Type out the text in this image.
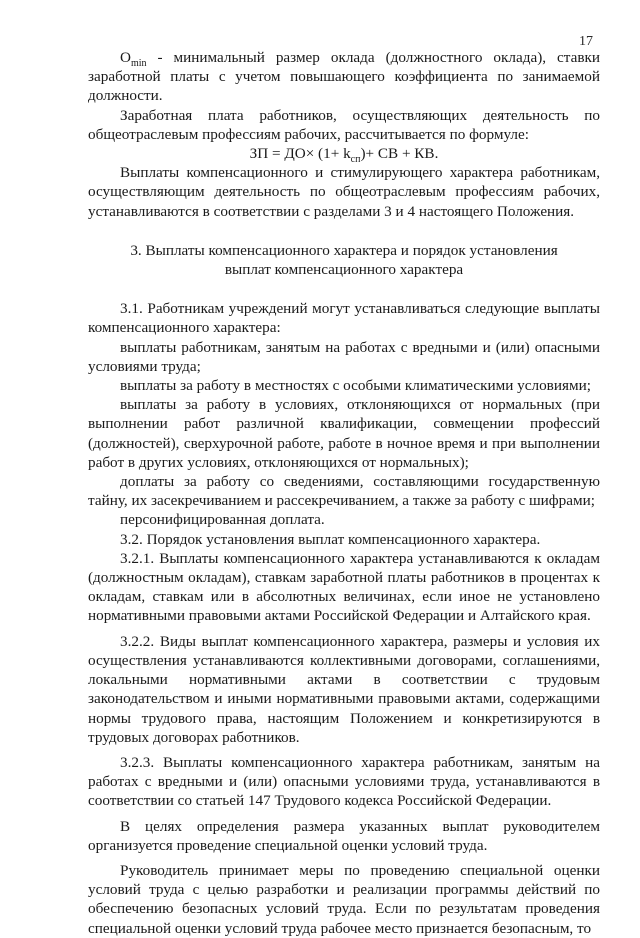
17

$O_{min}$ - минимальный размер оклада (должностного оклада), ставки заработной платы с учетом повышающего коэффициента по занимаемой должности.

Заработная плата работников, осуществляющих деятельность по общеотраслевым профессиям рабочих, рассчитывается по формуле:

ЗП = $ДО\times (1+ k_{сп})+$ СВ + КВ.

Выплаты компенсационного и стимулирующего характера работникам, осуществляющим деятельность по общеотраслевым профессиям рабочих, устанавливаются в соответствии с разделами 3 и 4 настоящего Положения.

3. Выплаты компенсационного характера и порядок установления

выплат компенсационного характера

3.1. Работникам учреждений могут устанавливаться следующие выплаты компенсационного характера:

выплаты работникам, занятым на работах с вредными и (или) опасными условиями труда;

выплаты за работу в местностях с особыми климатическими условиями;

выплаты за работу в условиях, отклоняющихся от нормальных (при выполнении работ различной квалификации, совмещении профессий (должностей), сверхурочной работе, работе в ночное время и при выполнении работ в других условиях, отклоняющихся от нормальных);

доплаты за работу со сведениями, составляющими государственную тайну, их засекречиванием и рассекречиванием, а также за работу с шифрами;

персонифицированная доплата.

3.2. Порядок установления выплат компенсационного характера.

3.2.1. Выплаты компенсационного характера устанавливаются к окладам (должностным окладам), ставкам заработной платы работников в процентах к окладам, ставкам или в абсолютных величинах, если иное не установлено нормативными правовыми актами Российской Федерации и Алтайского края.

3.2.2. Виды выплат компенсационного характера, размеры и условия их осуществления устанавливаются коллективными договорами, соглашениями, локальными нормативными актами в соответствии с трудовым законодательством и иными нормативными правовыми актами, содержащими нормы трудового права, настоящим Положением и конкретизируются в трудовых договорах работников.

3.2.3. Выплаты компенсационного характера работникам, занятым на работах с вредными и (или) опасными условиями труда, устанавливаются в соответствии со статьей 147 Трудового кодекса Российской Федерации.

В целях определения размера указанных выплат руководителем организуется проведение специальной оценки условий труда.

Руководитель принимает меры по проведению специальной оценки условий труда с целью разработки и реализации программы действий по обеспечению безопасных условий труда. Если по результатам проведения специальной оценки условий труда рабочее место признается безопасным, то
